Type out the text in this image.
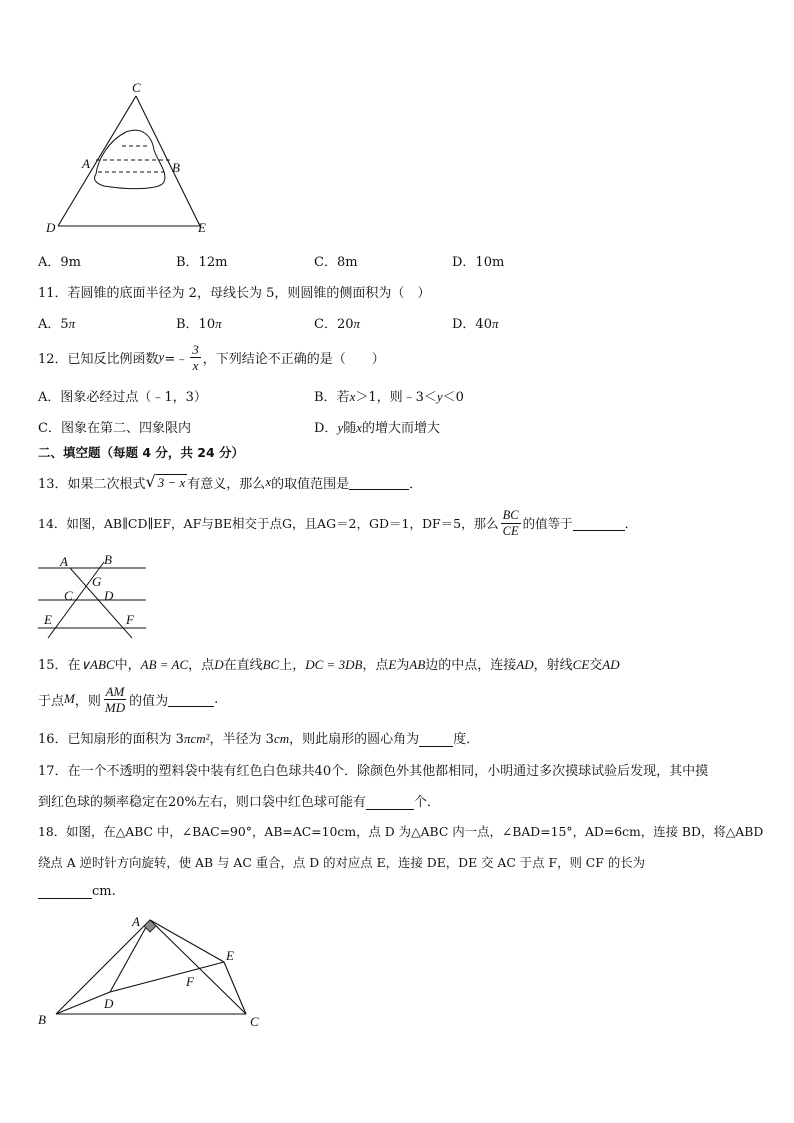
C
A	B
D	E
A．9m	B．12m	C．8m	D．10m
11．若圆锥的底面半径为 2，母线长为 5，则圆锥的侧面积为（　）
A．5π	B．10π	C．20π	D．40π
12．已知反比例函数 y =﹣ $\frac{3}{x}$ ，下列结论不正确的是（　　）
A．图象必经过点（﹣1，3）	B．若x＞1，则﹣3＜y＜0
C．图象在第二、四象限内	D．y随x的增大而增大
二、填空题（每题 4 分，共 24 分）
13．如果二次根式 √ 3 − x 有意义，那么 x 的取值范围是	．
14．如图，AB∥CD∥EF，AF与BE相交于点G，且AG＝2，GD＝1，DF＝5，那么 $\frac{BC}{CE}$ 的值等于	．
A	B
G
C D
E	F
15．在∨ABC中，AB = AC，点D在直线BC上，DC = 3DB，点E为AB边的中点，连接AD，射线CE交AD
于点 M ，则 $\frac{AM}{MD}$ 的值为	.
16．已知扇形的面积为 3πcm²，半径为 3cm，则此扇形的圆心角为	度．
17．在一个不透明的塑料袋中装有红色白色球共40个．除颜色外其他都相同，小明通过多次摸球试验后发现，其中摸
到红色球的频率稳定在20%左右，则口袋中红色球可能有	个．
18．如图，在△ABC 中，∠BAC=90°，AB=AC=10cm，点 D 为△ABC 内一点，∠BAD=15°，AD=6cm，连接 BD，将△ABD
绕点 A 逆时针方向旋转，使 AB 与 AC 重合，点 D 的对应点 E，连接 DE，DE 交 AC 于点 F，则 CF 的长为
cm.
A
B	C
D
E
F
